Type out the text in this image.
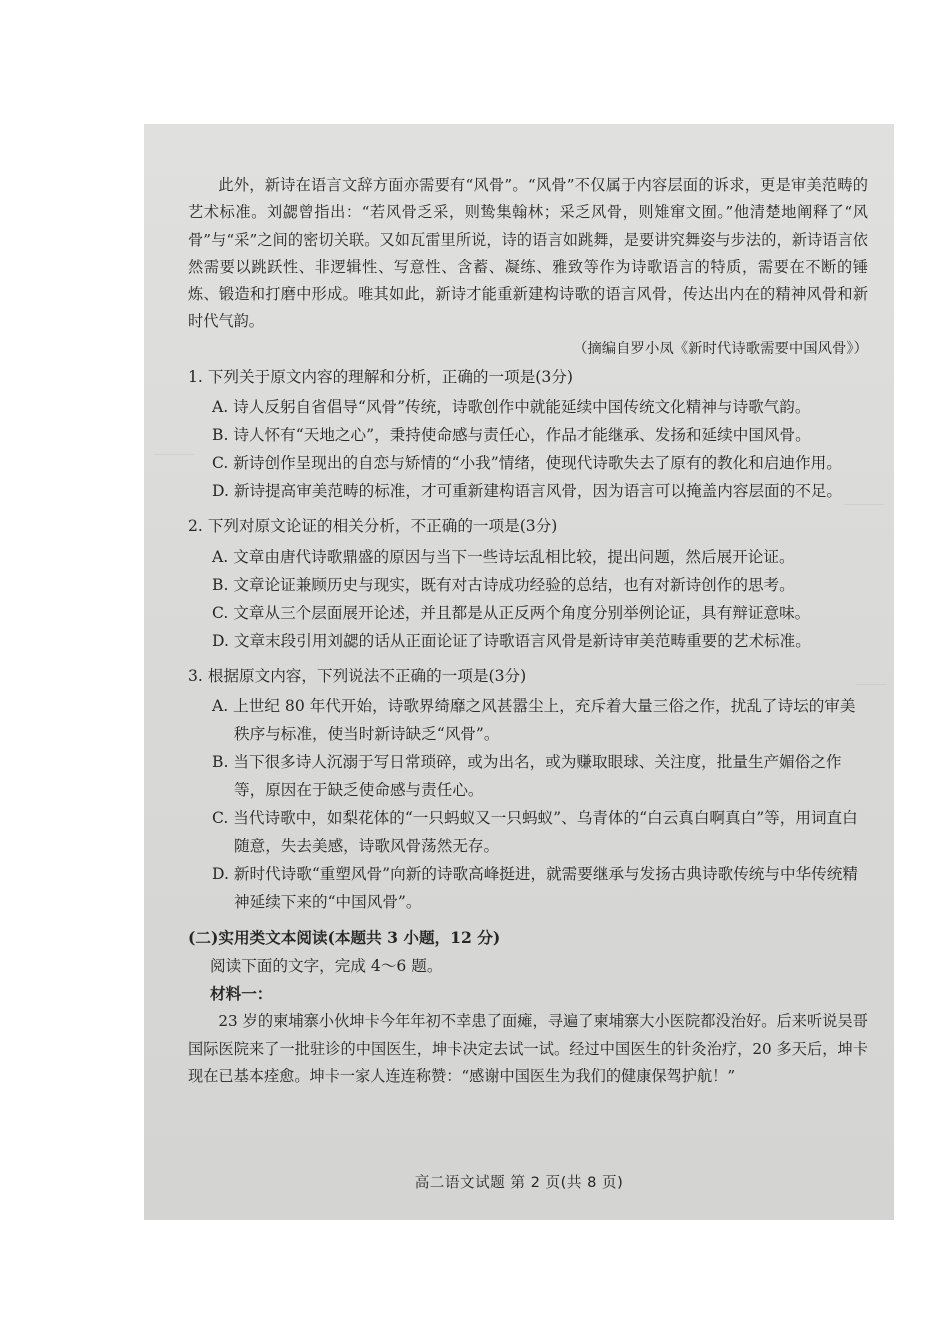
此外，新诗在语言文辞方面亦需要有“风骨”。“风骨”不仅属于内容层面的诉求，更是审美范畴的艺术标准。刘勰曾指出：“若风骨乏采，则鸷集翰林；采乏风骨，则雉窜文囿。”他清楚地阐释了“风骨”与“采”之间的密切关联。又如瓦雷里所说，诗的语言如跳舞，是要讲究舞姿与步法的，新诗语言依然需要以跳跃性、非逻辑性、写意性、含蓄、凝练、雅致等作为诗歌语言的特质，需要在不断的锤炼、锻造和打磨中形成。唯其如此，新诗才能重新建构诗歌的语言风骨，传达出内在的精神风骨和新时代气韵。

（摘编自罗小凤《新时代诗歌需要中国风骨》）

1. 下列关于原文内容的理解和分析，正确的一项是(3分)

A. 诗人反躬自省倡导“风骨”传统，诗歌创作中就能延续中国传统文化精神与诗歌气韵。

B. 诗人怀有“天地之心”，秉持使命感与责任心，作品才能继承、发扬和延续中国风骨。

C. 新诗创作呈现出的自恋与矫情的“小我”情绪，使现代诗歌失去了原有的教化和启迪作用。

D. 新诗提高审美范畴的标准，才可重新建构语言风骨，因为语言可以掩盖内容层面的不足。

2. 下列对原文论证的相关分析，不正确的一项是(3分)

A. 文章由唐代诗歌鼎盛的原因与当下一些诗坛乱相比较，提出问题，然后展开论证。

B. 文章论证兼顾历史与现实，既有对古诗成功经验的总结，也有对新诗创作的思考。

C. 文章从三个层面展开论述，并且都是从正反两个角度分别举例论证，具有辩证意味。

D. 文章末段引用刘勰的话从正面论证了诗歌语言风骨是新诗审美范畴重要的艺术标准。

3. 根据原文内容，下列说法不正确的一项是(3分)

A. 上世纪 80 年代开始，诗歌界绮靡之风甚嚣尘上，充斥着大量三俗之作，扰乱了诗坛的审美秩序与标准，使当时新诗缺乏“风骨”。

B. 当下很多诗人沉溺于写日常琐碎，或为出名，或为赚取眼球、关注度，批量生产媚俗之作等，原因在于缺乏使命感与责任心。

C. 当代诗歌中，如梨花体的“一只蚂蚁又一只蚂蚁”、乌青体的“白云真白啊真白”等，用词直白随意，失去美感，诗歌风骨荡然无存。

D. 新时代诗歌“重塑风骨”向新的诗歌高峰挺进，就需要继承与发扬古典诗歌传统与中华传统精神延续下来的“中国风骨”。

(二)实用类文本阅读(本题共 3 小题，12 分)

阅读下面的文字，完成 4～6 题。

材料一：

23 岁的柬埔寨小伙坤卡今年年初不幸患了面瘫，寻遍了柬埔寨大小医院都没治好。后来听说吴哥国际医院来了一批驻诊的中国医生，坤卡决定去试一试。经过中国医生的针灸治疗，20 多天后，坤卡现在已基本痊愈。坤卡一家人连连称赞：“感谢中国医生为我们的健康保驾护航！”

高二语文试题 第 2 页(共 8 页)
